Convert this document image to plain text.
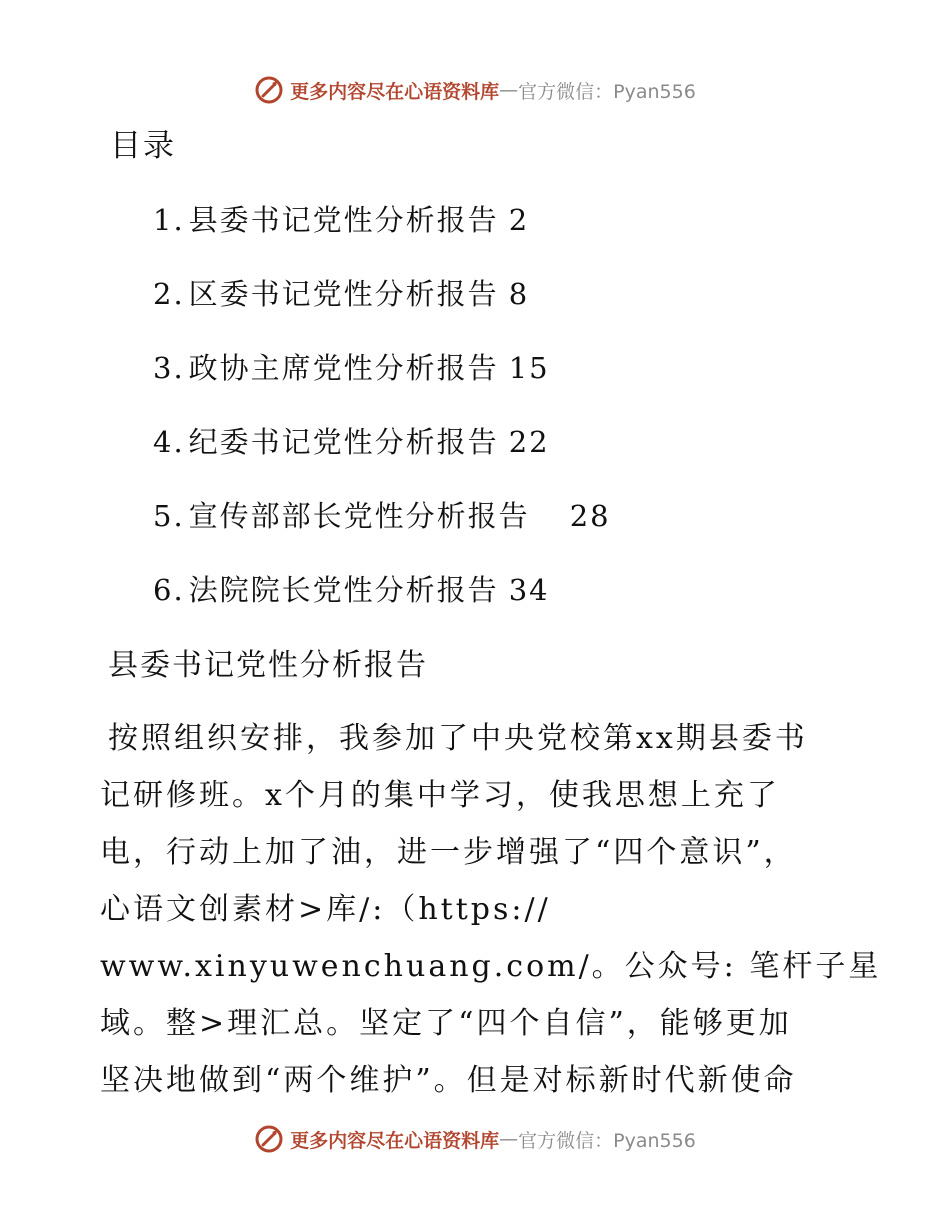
更多内容尽在心语资料库 — 官方微信：Pyan556
目录
1. 县委书记党性分析报告 2
2. 区委书记党性分析报告 8
3. 政协主席党性分析报告 15
4. 纪委书记党性分析报告 22
5. 宣传部部长党性分析报告 28
6. 法院院长党性分析报告 34
县委书记党性分析报告
按照组织安排，我参加了中央党校第xx期县委书
记研修班。x个月的集中学习，使我思想上充了
电，行动上加了油，进一步增强了“四个意识”，
心语文创素材>库/:（https://
www.xinyuwenchuang.com/。公众号: 笔杆子星
域。整>理汇总。坚定了“四个自信”，能够更加
坚决地做到“两个维护”。但是对标新时代新使命
更多内容尽在心语资料库 — 官方微信：Pyan556
